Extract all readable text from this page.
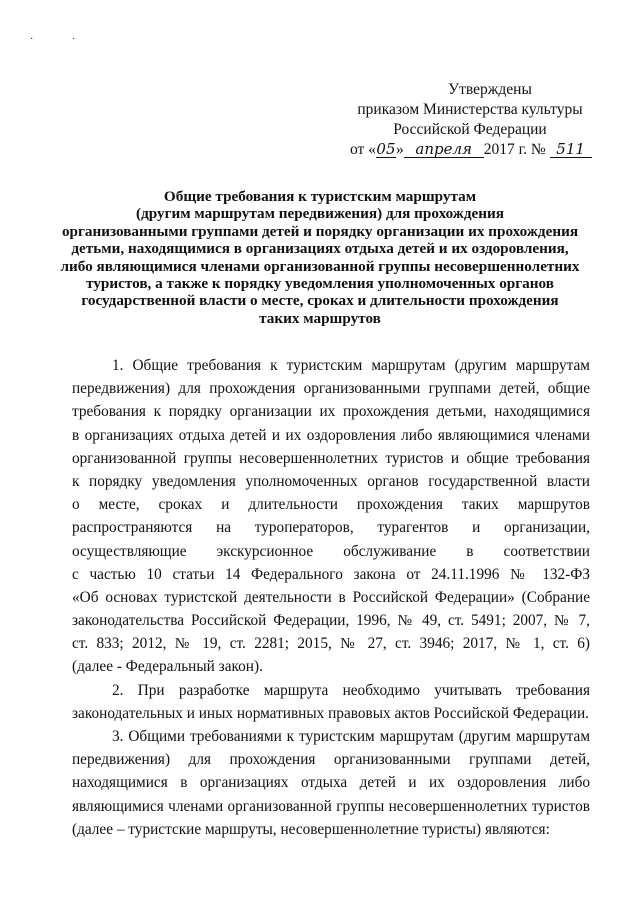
· ·
Утверждены
приказом Министерства культуры
Российской Федерации
от «05» апреля 2017 г. № 511
Общие требования к туристским маршрутам
(другим маршрутам передвижения) для прохождения
организованными группами детей и порядку организации их прохождения
детьми, находящимися в организациях отдыха детей и их оздоровления,
либо являющимися членами организованной группы несовершеннолетних
туристов, а также к порядку уведомления уполномоченных органов
государственной власти о месте, сроках и длительности прохождения
таких маршрутов
1. Общие требования к туристским маршрутам (другим маршрутам
передвижения) для прохождения организованными группами детей, общие
требования к порядку организации их прохождения детьми, находящимися
в организациях отдыха детей и их оздоровления либо являющимися членами
организованной группы несовершеннолетних туристов и общие требования
к порядку уведомления уполномоченных органов государственной власти
о месте, сроках и длительности прохождения таких маршрутов
распространяются на туроператоров, турагентов и организации,
осуществляющие экскурсионное обслуживание в соответствии
с частью 10 статьи 14 Федерального закона от 24.11.1996 № 132-ФЗ
«Об основах туристской деятельности в Российской Федерации» (Собрание
законодательства Российской Федерации, 1996, № 49, ст. 5491; 2007, № 7,
ст. 833; 2012, № 19, ст. 2281; 2015, № 27, ст. 3946; 2017, № 1, ст. 6)
(далее - Федеральный закон).
2. При разработке маршрута необходимо учитывать требования
законодательных и иных нормативных правовых актов Российской Федерации.
3. Общими требованиями к туристским маршрутам (другим маршрутам
передвижения) для прохождения организованными группами детей,
находящимися в организациях отдыха детей и их оздоровления либо
являющимися членами организованной группы несовершеннолетних туристов
(далее – туристские маршруты, несовершеннолетние туристы) являются:
